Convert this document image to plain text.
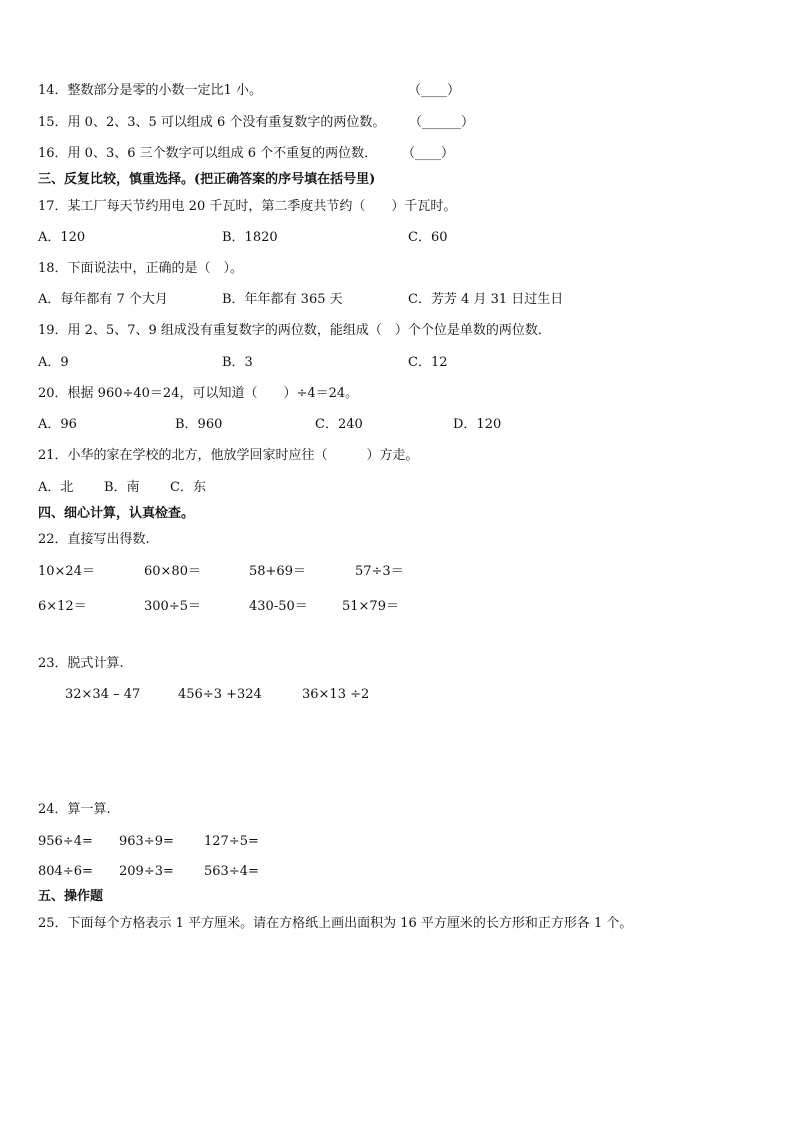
14．整数部分是零的小数一定比1 小。	（____）
15．用 0、2、3、5 可以组成 6 个没有重复数字的两位数。 （______）
16．用 0、3、6 三个数字可以组成 6 个不重复的两位数． （____）
三、反复比较，慎重选择。(把正确答案的序号填在括号里)
17．某工厂每天节约用电 20 千瓦时，第二季度共节约（　　）千瓦时。
A．120	B．1820	C．60
18．下面说法中，正确的是（　）。
A．每年都有 7 个大月	B．年年都有 365 天	C．芳芳 4 月 31 日过生日
19．用 2、5、7、9 组成没有重复数字的两位数，能组成（　）个个位是单数的两位数．
A．9	B．3	C．12
20．根据 960÷40＝24，可以知道（　　）÷4＝24。
A．96	B．960	C．240	D．120
21．小华的家在学校的北方，他放学回家时应往（　　　）方走。
A．北 B．南 C．东
四、细心计算，认真检查。
22．直接写出得数.
10×24＝	60×80＝	58+69＝	57÷3＝
6×12＝	300÷5＝	430-50＝	51×79＝
23．脱式计算.
32×34 – 47	456÷3 +324	36×13 ÷2
24．算一算.
956÷4= 963÷9= 127÷5=
804÷6= 209÷3= 563÷4=
五、操作题
25．下面每个方格表示 1 平方厘米。请在方格纸上画出面积为 16 平方厘米的长方形和正方形各 1 个。
